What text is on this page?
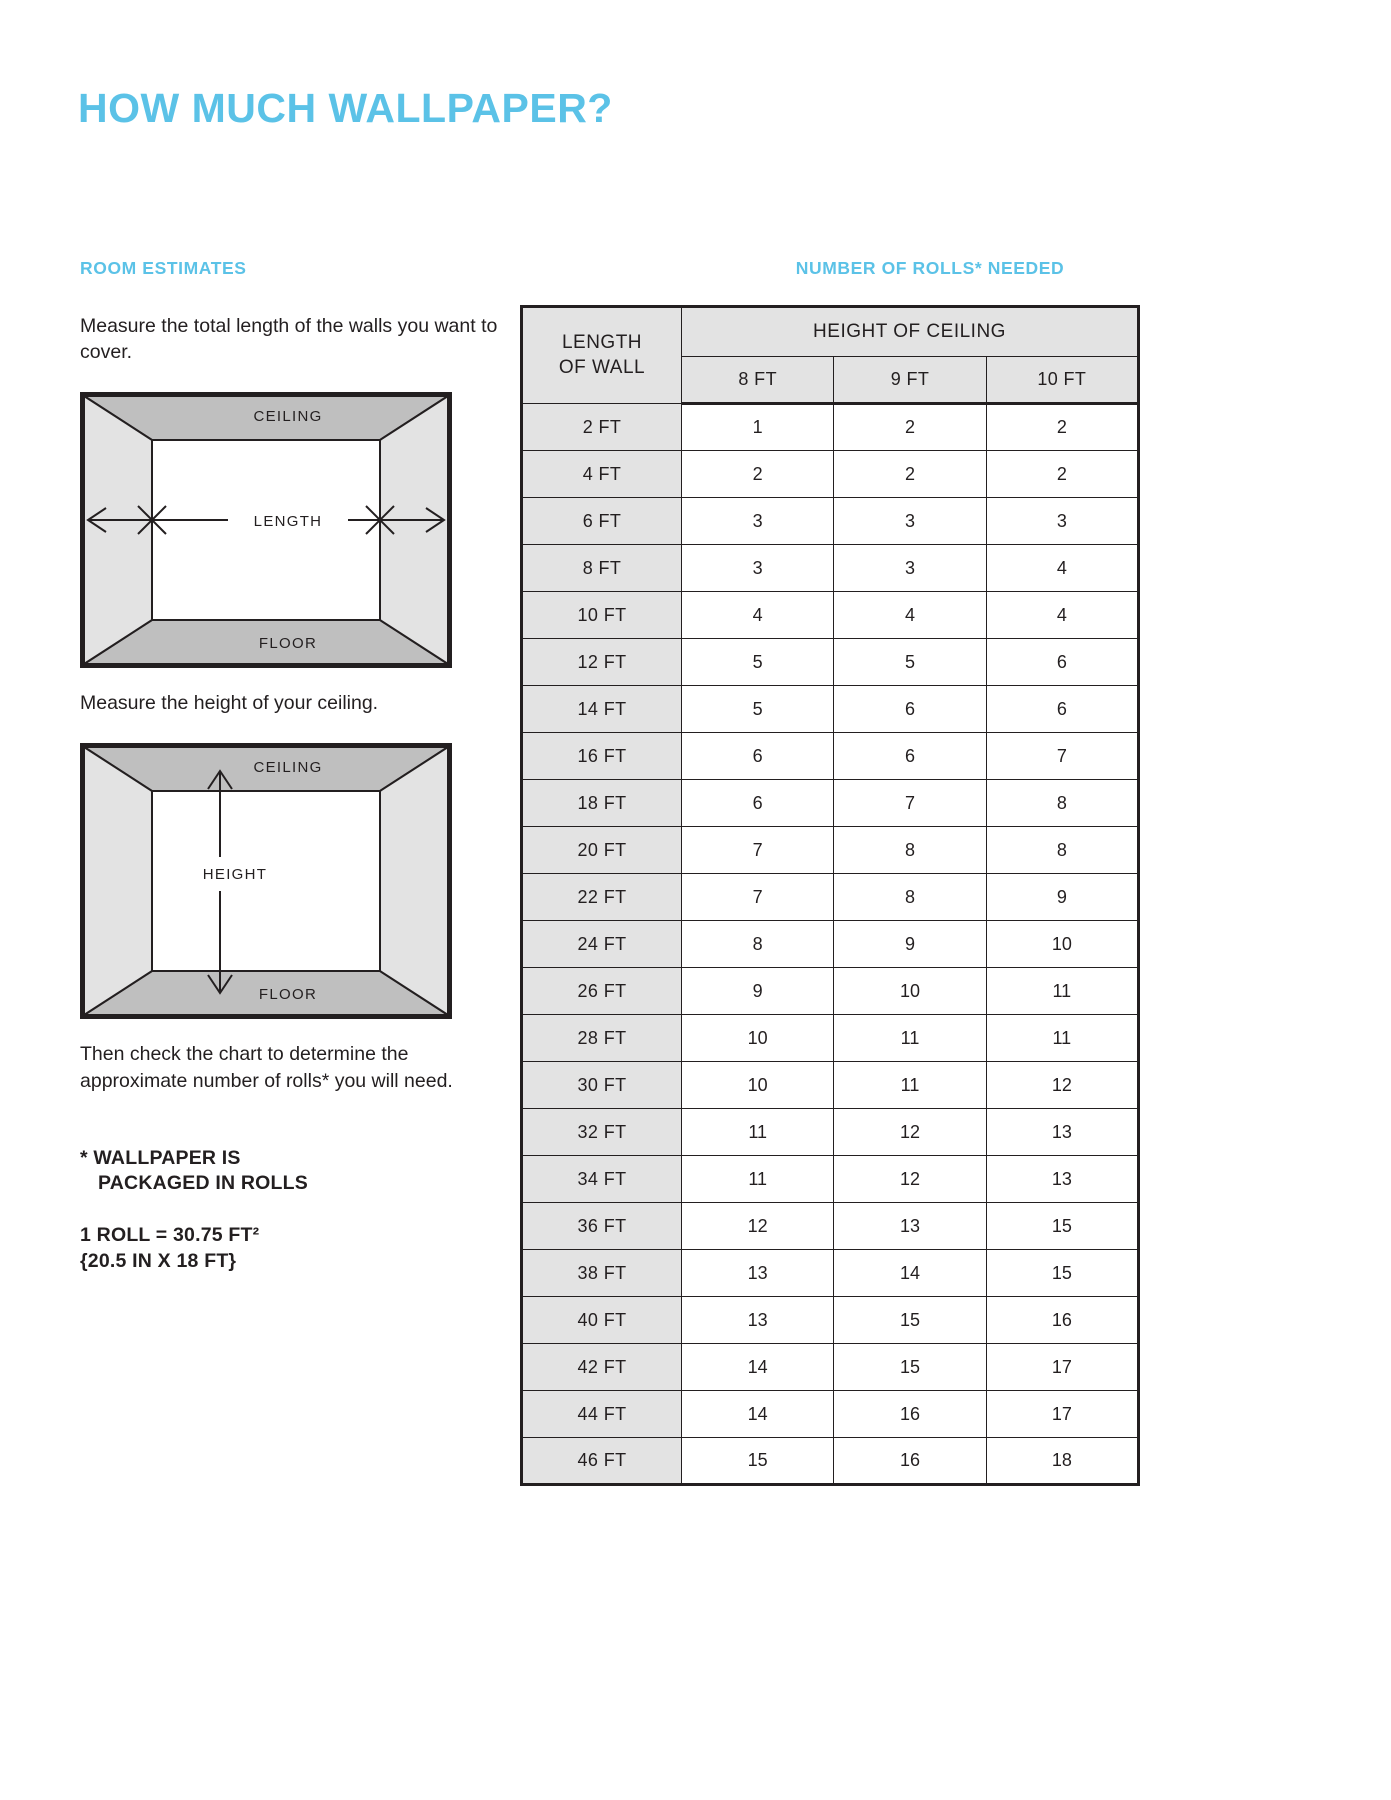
HOW MUCH WALLPAPER?
ROOM ESTIMATES

Measure the total length of the walls you want to cover.

LENGTH
CEILING
FLOOR

Measure the height of your ceiling.

HEIGHT
CEILING
FLOOR

Then check the chart to determine the approximate number of rolls* you will need.

* WALLPAPER IS
PACKAGED IN ROLLS

1 ROLL = 30.75 FT²
{20.5 IN X 18 FT}

NUMBER OF ROLLS* NEEDED
LENGTH
OF WALL	HEIGHT OF CEILING		
	8 FT	9 FT	10 FT
2 FT	1	2	2
4 FT	2	2	2
6 FT	3	3	3
8 FT	3	3	4
10 FT	4	4	4
12 FT	5	5	6
14 FT	5	6	6
16 FT	6	6	7
18 FT	6	7	8
20 FT	7	8	8
22 FT	7	8	9
24 FT	8	9	10
26 FT	9	10	11
28 FT	10	11	11
30 FT	10	11	12
32 FT	11	12	13
34 FT	11	12	13
36 FT	12	13	15
38 FT	13	14	15
40 FT	13	15	16
42 FT	14	15	17
44 FT	14	16	17
46 FT	15	16	18
